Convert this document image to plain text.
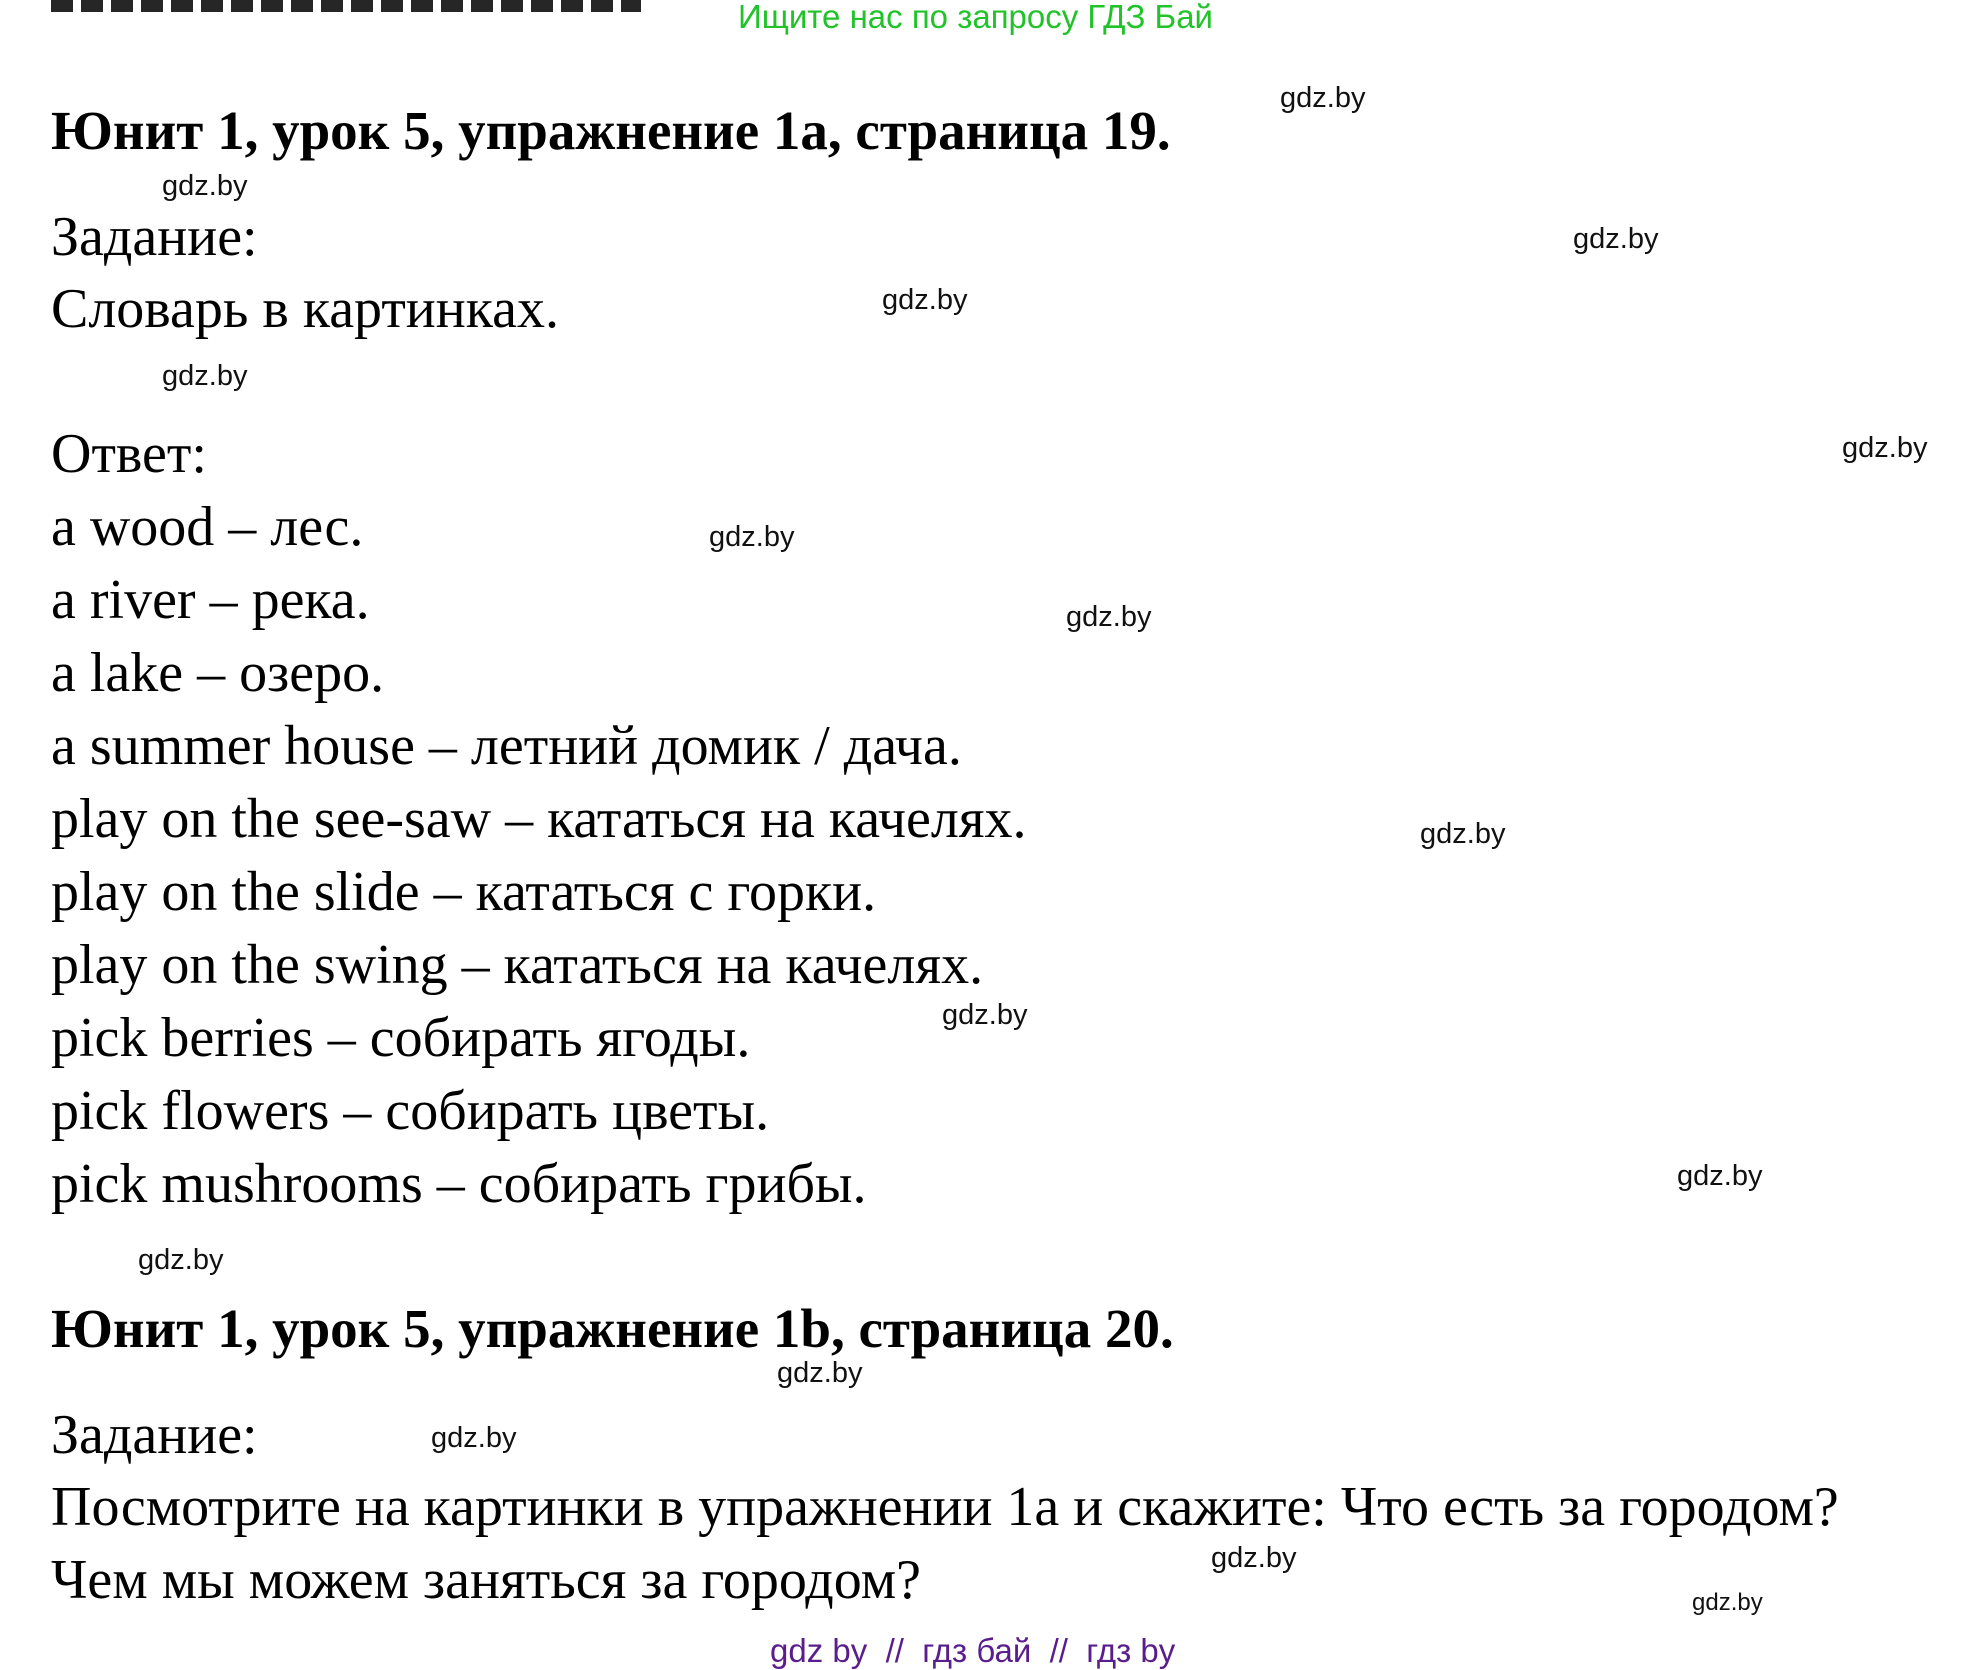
Ищите нас по запросу ГДЗ Бай
Юнит 1, урок 5, упражнение 1a, страница 19.
Задание:
Словарь в картинках.
Ответ:
a wood – лес.
a river – река.
a lake – озеро.
a summer house – летний домик / дача.
play on the see-saw – кататься на качелях.
play on the slide – кататься с горки.
play on the swing – кататься на качелях.
pick berries – собирать ягоды.
pick flowers – собирать цветы.
pick mushrooms – собирать грибы.
Юнит 1, урок 5, упражнение 1b, страница 20.
Задание:
Посмотрите на картинки в упражнении 1a и скажите: Что есть за городом?
Чем мы можем заняться за городом?
gdz.by
gdz.by
gdz.by
gdz.by
gdz.by
gdz.by
gdz.by
gdz.by
gdz.by
gdz.by
gdz.by
gdz.by
gdz.by
gdz.by
gdz.by
gdz.by
gdz by  //  гдз бай  //  гдз by
